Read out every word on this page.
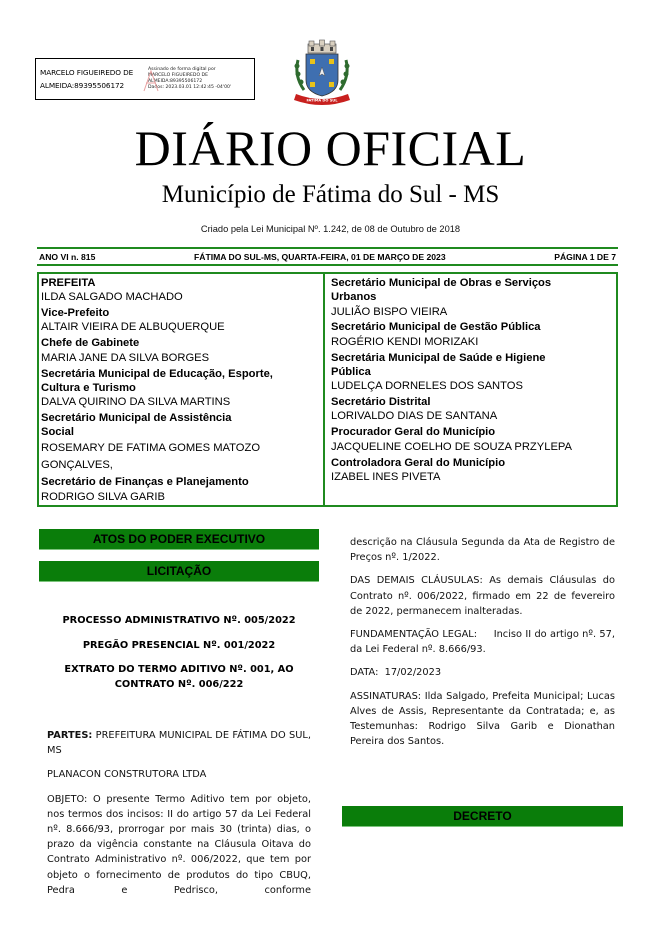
MARCELO FIGUEIREDO DE
ALMEIDA:89395506172
Assinado de forma digital por
MARCELO FIGUEIREDO DE
ALMEIDA:89395506172
Dados: 2023.03.01 12:42:45 -04'00'
FÁTIMA DO SUL
DIÁRIO OFICIAL
Município de Fátima do Sul - MS
Criado pela Lei Municipal Nº. 1.242, de 08 de Outubro de 2018
ANO VI n. 815	FÁTIMA DO SUL-MS, QUARTA-FEIRA, 01 DE MARÇO DE 2023	PÁGINA 1 DE 7
PREFEITA
ILDA SALGADO MACHADO
Vice-Prefeito
ALTAIR VIEIRA DE ALBUQUERQUE
Chefe de Gabinete
MARIA JANE DA SILVA BORGES
Secretária Municipal de Educação, Esporte, Cultura e Turismo
DALVA QUIRINO DA SILVA MARTINS
Secretário Municipal de Assistência Social
ROSEMARY DE FATIMA GOMES MATOZO GONÇALVES,
Secretário de Finanças e Planejamento
RODRIGO SILVA GARIB
Secretário Municipal de Obras e Serviços Urbanos
JULIÃO BISPO VIEIRA
Secretário Municipal de Gestão Pública
ROGÉRIO KENDI MORIZAKI
Secretária Municipal de Saúde e Higiene Pública
LUDELÇA DORNELES DOS SANTOS
Secretário Distrital
LORIVALDO DIAS DE SANTANA
Procurador Geral do Município
JACQUELINE COELHO DE SOUZA PRZYLEPA
Controladora Geral do Município
IZABEL INES PIVETA
ATOS DO PODER EXECUTIVO
LICITAÇÃO
DECRETO
PROCESSO ADMINISTRATIVO Nº. 005/2022
PREGÃO PRESENCIAL Nº. 001/2022
EXTRATO DO TERMO ADITIVO Nº. 001, AO CONTRATO Nº. 006/222
PARTES: PREFEITURA MUNICIPAL DE FÁTIMA DO SUL, MS
PLANACON CONSTRUTORA LTDA
OBJETO: O presente Termo Aditivo tem por objeto, nos termos dos incisos: II do artigo 57 da Lei Federal nº. 8.666/93, prorrogar por mais 30 (trinta) dias, o prazo da vigência constante na Cláusula Oitava do Contrato Administrativo nº. 006/2022, que tem por objeto o fornecimento de produtos do tipo CBUQ, Pedra e Pedrisco, conforme
descrição na Cláusula Segunda da Ata de Registro de Preços nº. 1/2022.
DAS DEMAIS CLÁUSULAS: As demais Cláusulas do Contrato nº. 006/2022, firmado em 22 de fevereiro de 2022, permanecem inalteradas.
FUNDAMENTAÇÃO LEGAL:     Inciso II do artigo nº. 57, da Lei Federal nº. 8.666/93.
DATA:  17/02/2023
ASSINATURAS: Ilda Salgado, Prefeita Municipal; Lucas Alves de Assis, Representante da Contratada; e, as Testemunhas: Rodrigo Silva Garib e Dionathan Pereira dos Santos.
